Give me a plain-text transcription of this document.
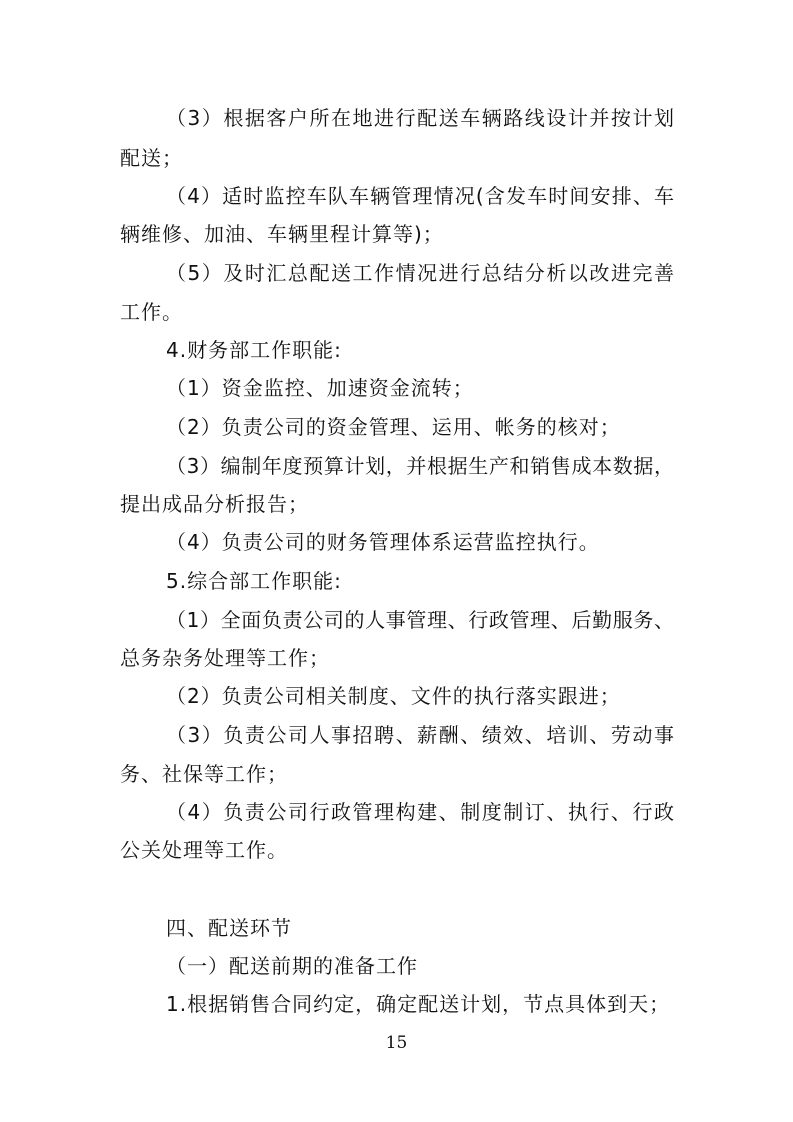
（3）根据客户所在地进行配送车辆路线设计并按计划
配送；
（4）适时监控车队车辆管理情况(含发车时间安排、车
辆维修、加油、车辆里程计算等)；
（5）及时汇总配送工作情况进行总结分析以改进完善
工作。
4.财务部工作职能:
（1）资金监控、加速资金流转；
（2）负责公司的资金管理、运用、帐务的核对；
（3）编制年度预算计划，并根据生产和销售成本数据，
提出成品分析报告；
（4）负责公司的财务管理体系运营监控执行。
5.综合部工作职能:
（1）全面负责公司的人事管理、行政管理、后勤服务、
总务杂务处理等工作；
（2）负责公司相关制度、文件的执行落实跟进；
（3）负责公司人事招聘、薪酬、绩效、培训、劳动事
务、社保等工作；
（4）负责公司行政管理构建、制度制订、执行、行政
公关处理等工作。
四、配送环节
（一）配送前期的准备工作
1.根据销售合同约定，确定配送计划，节点具体到天；
15
